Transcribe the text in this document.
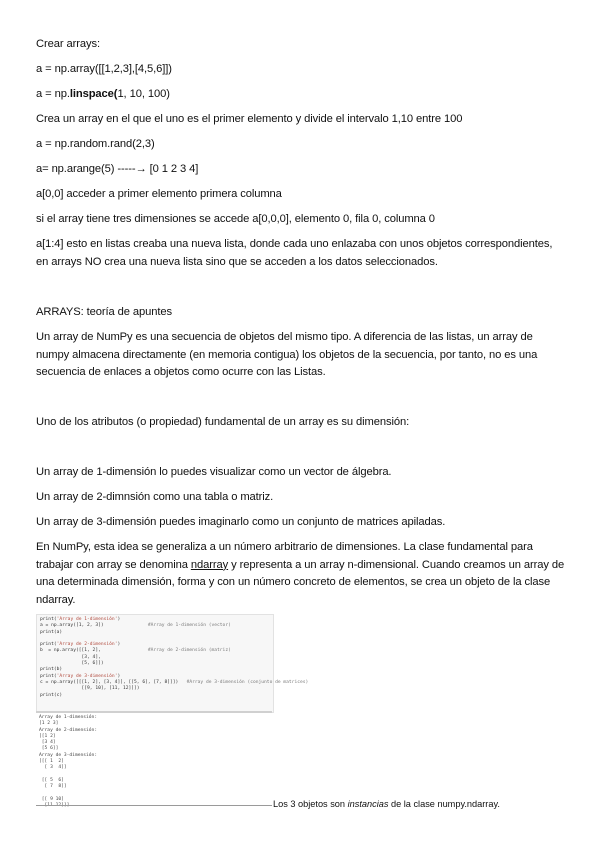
Crear arrays:
a = np.array([[1,2,3],[4,5,6]])
a = np.linspace(1, 10, 100)
Crea un array en el que el uno es el primer elemento y divide el intervalo 1,10 entre 100
a = np.random.rand(2,3)
a= np.arange(5) -----→ [0 1 2 3 4]
a[0,0] acceder a primer elemento primera columna
si el array tiene tres dimensiones se accede a[0,0,0], elemento 0, fila 0, columna 0
a[1:4] esto en listas creaba una nueva lista, donde cada uno enlazaba con unos objetos correspondientes, en arrays NO crea una nueva lista sino que se acceden a los datos seleccionados.
ARRAYS: teoría de apuntes
Un array de NumPy es una secuencia de objetos del mismo tipo. A diferencia de las listas, un array de numpy almacena directamente (en memoria contigua) los objetos de la secuencia, por tanto, no es una secuencia de enlaces a objetos como ocurre con las Listas.
Uno de los atributos (o propiedad) fundamental de un array es su dimensión:
Un array de 1-dimensión lo puedes visualizar como un vector de álgebra.
Un array de 2-dimnsión como una tabla o matriz.
Un array de 3-dimensión puedes imaginarlo como un conjunto de matrices apiladas.
En NumPy, esta idea se generaliza a un número arbitrario de dimensiones. La clase fundamental para trabajar con array se denomina ndarray y representa a un array n-dimensional. Cuando creamos un array de una determinada dimensión, forma y con un número concreto de elementos, se crea un objeto de la clase ndarray.
print('Array de 1-dimensión')
a = np.array([1, 2, 3])	#Array de 1-dimensión (vector)
print(a)

print('Array de 2-dimensión')
b  = np.array([[1, 2],	#Array de 2-dimensión (matriz)
[3, 4],
[5, 6]])
print(b)
print('Array de 3-dimensión')
c = np.array([[[1, 2], [3, 4]], [[5, 6], [7, 8]]])   #Array de 3-dimensión (conjunto de matrices)
[[9, 10], [11, 12]]])
print(c)
Array de 1-dimensión:
[1 2 3]
Array de 2-dimensión:
[[1 2]
[3 4]
[5 6]]
Array de 3-dimensión:
[[[ 1  2]
[ 3  4]]

[[ 5  6]
[ 7  8]]

[[ 9 10]
	Los 3 objetos son instancias de la clase numpy.ndarray.
